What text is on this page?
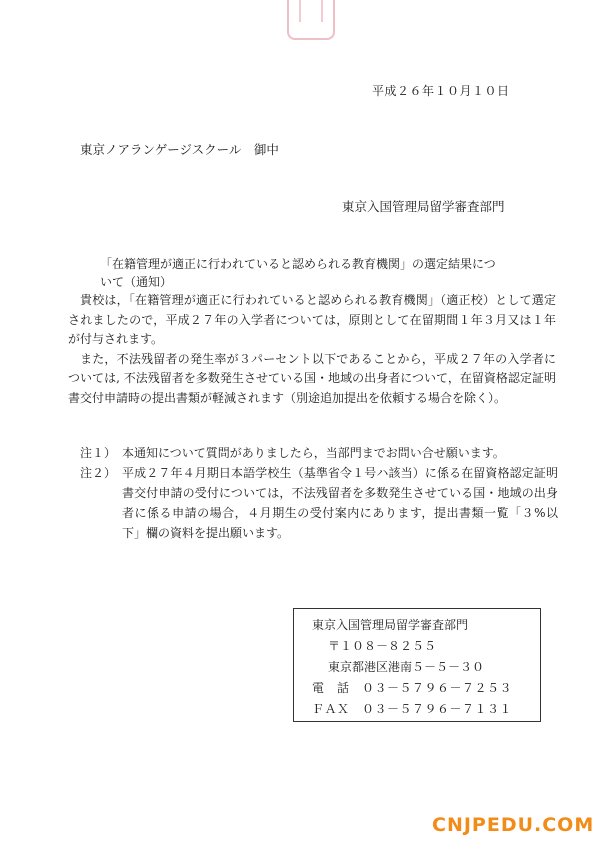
平成２６年１０月１０日
東京ノアランゲージスクール　御中
東京入国管理局留学審査部門
「在籍管理が適正に行われていると認められる教育機関」の選定結果につ

いて（通知）

貴校は，「在籍管理が適正に行われていると認められる教育機関」（適正校）として選定されましたので，平成２７年の入学者については，原則として在留期間１年３月又は１年が付与されます。

また，不法残留者の発生率が３パーセント以下であることから，平成２７年の入学者については, 不法残留者を多数発生させている国・地域の出身者について，在留資格認定証明書交付申請時の提出書類が軽減されます（別途追加提出を依頼する場合を除く）。

注１） 本通知について質問がありましたら，当部門までお問い合せ願います。
注２） 平成２７年４月期日本語学校生（基準省令１号ハ該当）に係る在留資格認定証明書交付申請の受付については，不法残留者を多数発生させている国・地域の出身者に係る申請の場合，４月期生の受付案内にあります，提出書類一覧「３%以下」欄の資料を提出願います。
東京入国管理局留学審査部門
〒１０８－８２５５
東京都港区港南５－５－３０
電　話　０３－５７９６－７２５３
ＦＡＸ　０３－５７９６－７１３１
CNJPEDU.COM
